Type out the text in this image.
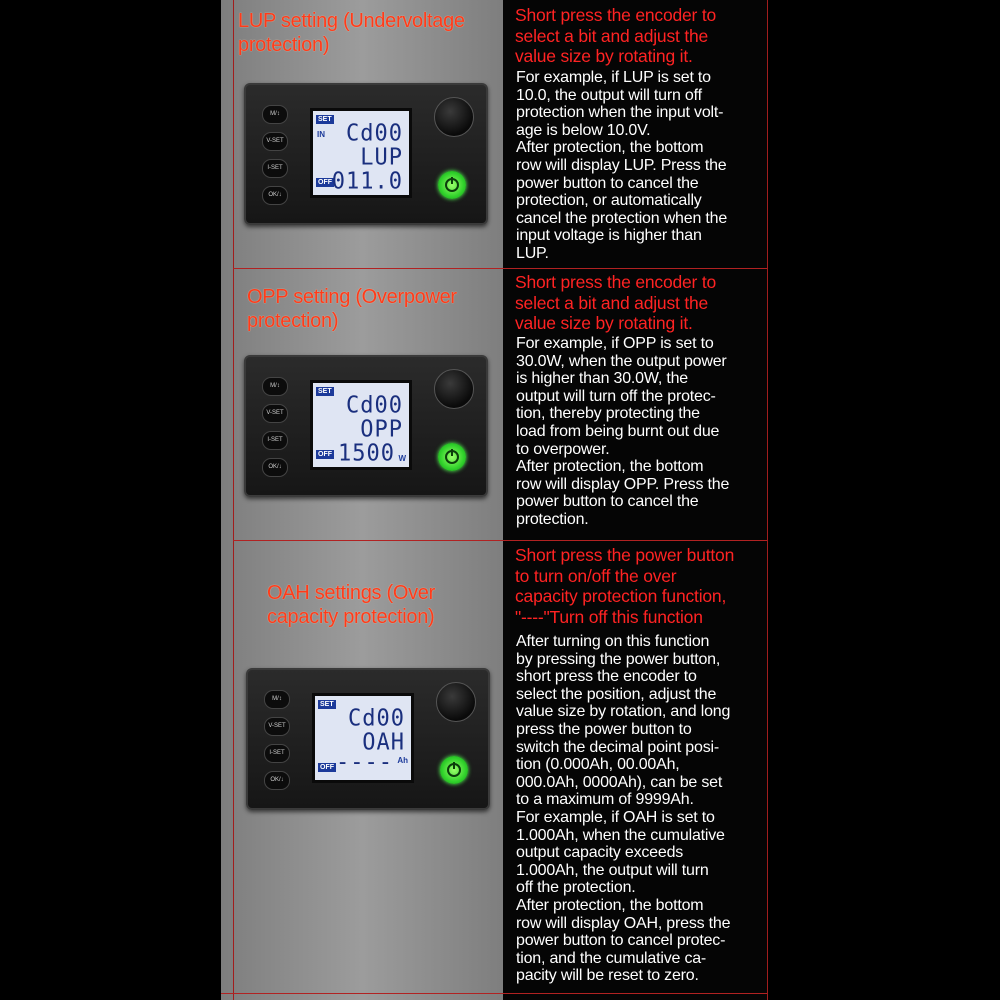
LUP setting (Undervoltage
protection)
M/↕
V-SET
I-SET
OK/↓
SET
IN Cd00
LUP
OFF 011.0
Short press the encoder to
select a bit and adjust the
value size by rotating it.
For example, if LUP is set to
10.0, the output will turn off
protection when the input volt-
age is below 10.0V.
After protection, the bottom
row will display LUP. Press the
power button to cancel the
protection, or automatically
cancel the protection when the
input voltage is higher than
LUP.
OPP setting (Overpower
protection)
M/↕
V-SET
I-SET
OK/↓
SET
Cd00
OPP
OFF 1500 W
Short press the encoder to
select a bit and adjust the
value size by rotating it.
For example, if OPP is set to
30.0W, when the output power
is higher than 30.0W, the
output will turn off the protec-
tion, thereby protecting the
load from being burnt out due
to overpower.
After protection, the bottom
row will display OPP. Press the
power button to cancel the
protection.
OAH settings (Over
capacity protection)
M/↕
V-SET
I-SET
OK/↓
SET
Cd00
OAH
OFF ---- Ah
Short press the power button
to turn on/off the over
capacity protection function,
"----"Turn off this function
After turning on this function
by pressing the power button,
short press the encoder to
select the position, adjust the
value size by rotation, and long
press the power button to
switch the decimal point posi-
tion (0.000Ah, 00.00Ah,
000.0Ah, 0000Ah), can be set
to a maximum of 9999Ah.
For example, if OAH is set to
1.000Ah, when the cumulative
output capacity exceeds
1.000Ah, the output will turn
off the protection.
After protection, the bottom
row will display OAH, press the
power button to cancel protec-
tion, and the cumulative ca-
pacity will be reset to zero.
